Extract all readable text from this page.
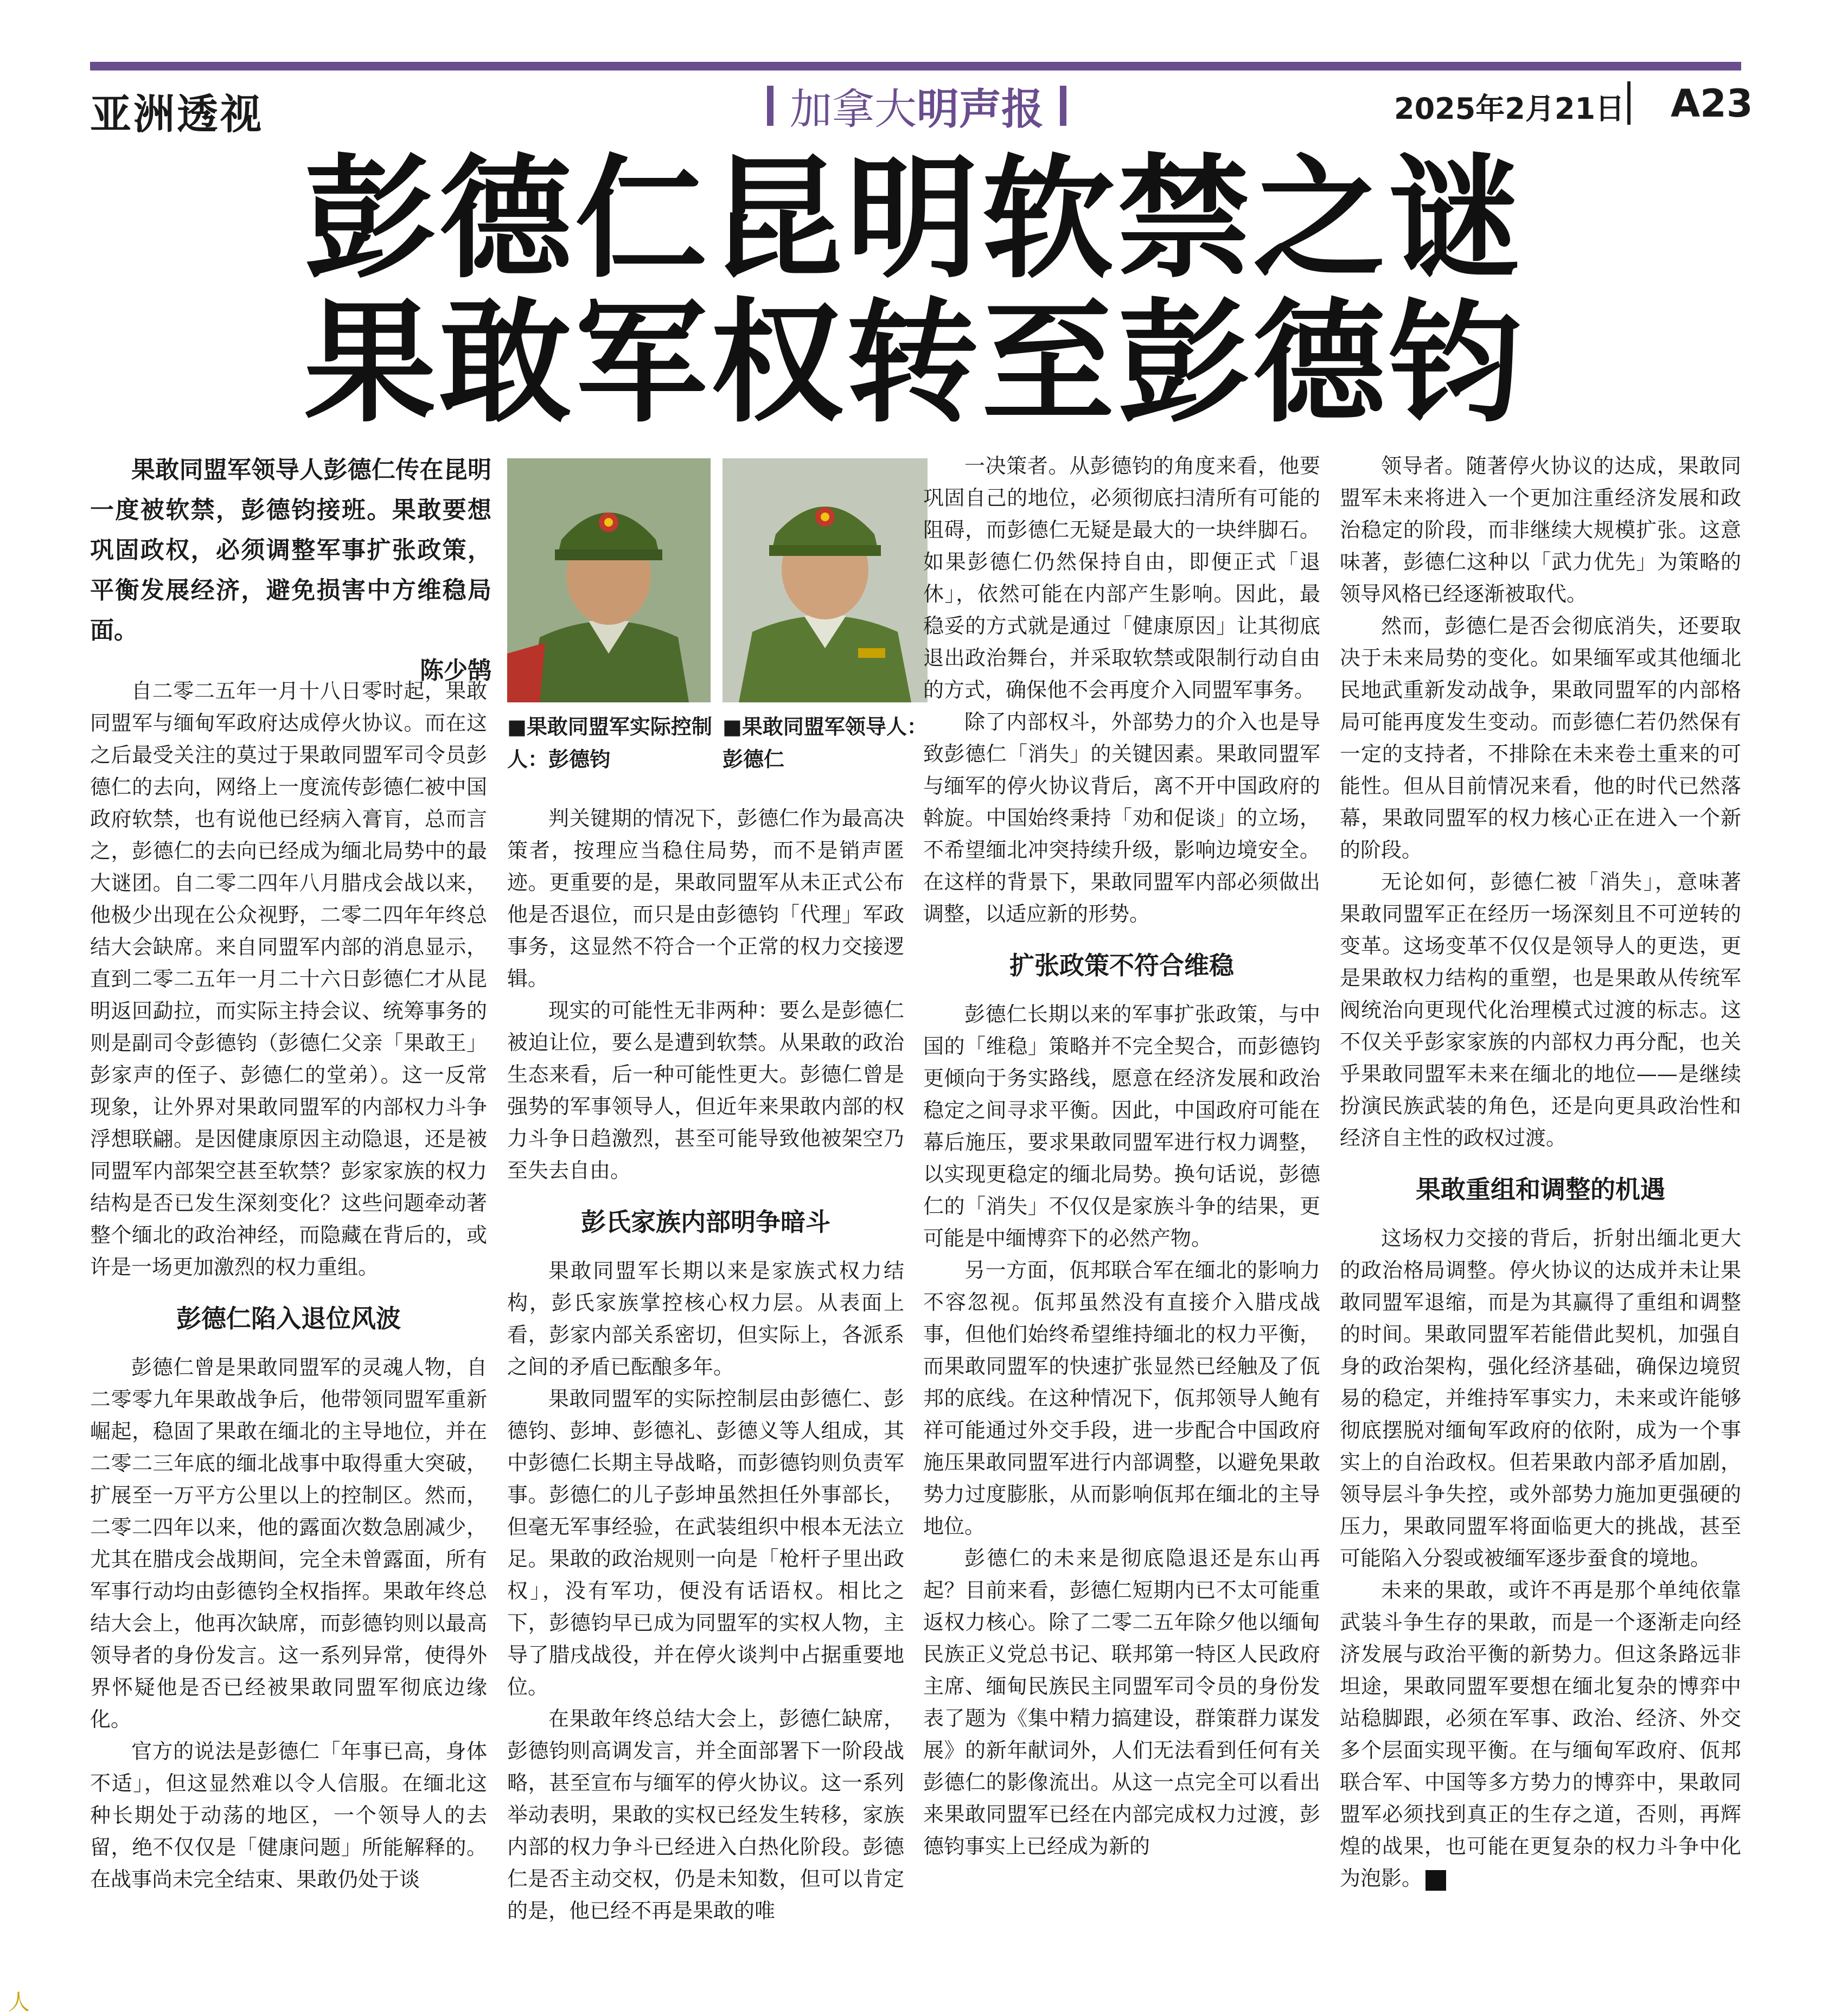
亚洲透视	加拿大 明声报	2025年2月21日 A23
彭德仁昆明软禁之谜
果敢军权转至彭德钧

果敢同盟军领导人彭德仁传在昆明一度被软禁，彭德钧接班。果敢要想巩固政权，必须调整军事扩张政策，平衡发展经济，避免损害中方维稳局面。

陈少鹄

■果敢同盟军实际控制人：彭德钧
■果敢同盟军领导人：彭德仁

自二零二五年一月十八日零时起，果敢同盟军与缅甸军政府达成停火协议。而在这之后最受关注的莫过于果敢同盟军司令员彭德仁的去向，网络上一度流传彭德仁被中国政府软禁，也有说他已经病入膏肓，总而言之，彭德仁的去向已经成为缅北局势中的最大谜团。自二零二四年八月腊戌会战以来，他极少出现在公众视野，二零二四年年终总结大会缺席。来自同盟军内部的消息显示，直到二零二五年一月二十六日彭德仁才从昆明返回勐拉，而实际主持会议、统筹事务的则是副司令彭德钧（彭德仁父亲「果敢王」彭家声的侄子、彭德仁的堂弟）。这一反常现象，让外界对果敢同盟军的内部权力斗争浮想联翩。是因健康原因主动隐退，还是被同盟军内部架空甚至软禁？彭家家族的权力结构是否已发生深刻变化？这些问题牵动著整个缅北的政治神经，而隐藏在背后的，或许是一场更加激烈的权力重组。

彭德仁陷入退位风波

彭德仁曾是果敢同盟军的灵魂人物，自二零零九年果敢战争后，他带领同盟军重新崛起，稳固了果敢在缅北的主导地位，并在二零二三年底的缅北战事中取得重大突破，扩展至一万平方公里以上的控制区。然而，二零二四年以来，他的露面次数急剧减少，尤其在腊戌会战期间，完全未曾露面，所有军事行动均由彭德钧全权指挥。果敢年终总结大会上，他再次缺席，而彭德钧则以最高领导者的身份发言。这一系列异常，使得外界怀疑他是否已经被果敢同盟军彻底边缘化。

官方的说法是彭德仁「年事已高，身体不适」，但这显然难以令人信服。在缅北这种长期处于动荡的地区，一个领导人的去留，绝不仅仅是「健康问题」所能解释的。在战事尚未完全结束、果敢仍处于谈

判关键期的情况下，彭德仁作为最高决策者，按理应当稳住局势，而不是销声匿迹。更重要的是，果敢同盟军从未正式公布他是否退位，而只是由彭德钧「代理」军政事务，这显然不符合一个正常的权力交接逻辑。

现实的可能性无非两种：要么是彭德仁被迫让位，要么是遭到软禁。从果敢的政治生态来看，后一种可能性更大。彭德仁曾是强势的军事领导人，但近年来果敢内部的权力斗争日趋激烈，甚至可能导致他被架空乃至失去自由。

彭氏家族内部明争暗斗

果敢同盟军长期以来是家族式权力结构，彭氏家族掌控核心权力层。从表面上看，彭家内部关系密切，但实际上，各派系之间的矛盾已酝酿多年。

果敢同盟军的实际控制层由彭德仁、彭德钧、彭坤、彭德礼、彭德义等人组成，其中彭德仁长期主导战略，而彭德钧则负责军事。彭德仁的儿子彭坤虽然担任外事部长，但毫无军事经验，在武装组织中根本无法立足。果敢的政治规则一向是「枪杆子里出政权」，没有军功，便没有话语权。相比之下，彭德钧早已成为同盟军的实权人物，主导了腊戌战役，并在停火谈判中占据重要地位。

在果敢年终总结大会上，彭德仁缺席，彭德钧则高调发言，并全面部署下一阶段战略，甚至宣布与缅军的停火协议。这一系列举动表明，果敢的实权已经发生转移，家族内部的权力争斗已经进入白热化阶段。彭德仁是否主动交权，仍是未知数，但可以肯定的是，他已经不再是果敢的唯

一决策者。从彭德钧的角度来看，他要巩固自己的地位，必须彻底扫清所有可能的阻碍，而彭德仁无疑是最大的一块绊脚石。如果彭德仁仍然保持自由，即便正式「退休」，依然可能在内部产生影响。因此，最稳妥的方式就是通过「健康原因」让其彻底退出政治舞台，并采取软禁或限制行动自由的方式，确保他不会再度介入同盟军事务。

除了内部权斗，外部势力的介入也是导致彭德仁「消失」的关键因素。果敢同盟军与缅军的停火协议背后，离不开中国政府的斡旋。中国始终秉持「劝和促谈」的立场，不希望缅北冲突持续升级，影响边境安全。在这样的背景下，果敢同盟军内部必须做出调整，以适应新的形势。

扩张政策不符合维稳

彭德仁长期以来的军事扩张政策，与中国的「维稳」策略并不完全契合，而彭德钧更倾向于务实路线，愿意在经济发展和政治稳定之间寻求平衡。因此，中国政府可能在幕后施压，要求果敢同盟军进行权力调整，以实现更稳定的缅北局势。换句话说，彭德仁的「消失」不仅仅是家族斗争的结果，更可能是中缅博弈下的必然产物。

另一方面，佤邦联合军在缅北的影响力不容忽视。佤邦虽然没有直接介入腊戌战事，但他们始终希望维持缅北的权力平衡，而果敢同盟军的快速扩张显然已经触及了佤邦的底线。在这种情况下，佤邦领导人鲍有祥可能通过外交手段，进一步配合中国政府施压果敢同盟军进行内部调整，以避免果敢势力过度膨胀，从而影响佤邦在缅北的主导地位。

彭德仁的未来是彻底隐退还是东山再起？目前来看，彭德仁短期内已不太可能重返权力核心。除了二零二五年除夕他以缅甸民族正义党总书记、联邦第一特区人民政府主席、缅甸民族民主同盟军司令员的身份发表了题为《集中精力搞建设，群策群力谋发展》的新年献词外，人们无法看到任何有关彭德仁的影像流出。从这一点完全可以看出来果敢同盟军已经在内部完成权力过渡，彭德钧事实上已经成为新的

领导者。随著停火协议的达成，果敢同盟军未来将进入一个更加注重经济发展和政治稳定的阶段，而非继续大规模扩张。这意味著，彭德仁这种以「武力优先」为策略的领导风格已经逐渐被取代。

然而，彭德仁是否会彻底消失，还要取决于未来局势的变化。如果缅军或其他缅北民地武重新发动战争，果敢同盟军的内部格局可能再度发生变动。而彭德仁若仍然保有一定的支持者，不排除在未来卷土重来的可能性。但从目前情况来看，他的时代已然落幕，果敢同盟军的权力核心正在进入一个新的阶段。

无论如何，彭德仁被「消失」，意味著果敢同盟军正在经历一场深刻且不可逆转的变革。这场变革不仅仅是领导人的更迭，更是果敢权力结构的重塑，也是果敢从传统军阀统治向更现代化治理模式过渡的标志。这不仅关乎彭家家族的内部权力再分配，也关乎果敢同盟军未来在缅北的地位——是继续扮演民族武装的角色，还是向更具政治性和经济自主性的政权过渡。

果敢重组和调整的机遇

这场权力交接的背后，折射出缅北更大的政治格局调整。停火协议的达成并未让果敢同盟军退缩，而是为其赢得了重组和调整的时间。果敢同盟军若能借此契机，加强自身的政治架构，强化经济基础，确保边境贸易的稳定，并维持军事实力，未来或许能够彻底摆脱对缅甸军政府的依附，成为一个事实上的自治政权。但若果敢内部矛盾加剧，领导层斗争失控，或外部势力施加更强硬的压力，果敢同盟军将面临更大的挑战，甚至可能陷入分裂或被缅军逐步蚕食的境地。

未来的果敢，或许不再是那个单纯依靠武装斗争生存的果敢，而是一个逐渐走向经济发展与政治平衡的新势力。但这条路远非坦途，果敢同盟军要想在缅北复杂的博弈中站稳脚跟，必须在军事、政治、经济、外交多个层面实现平衡。在与缅甸军政府、佤邦联合军、中国等多方势力的博弈中，果敢同盟军必须找到真正的生存之道，否则，再辉煌的战果，也可能在更复杂的权力斗争中化为泡影。

人
